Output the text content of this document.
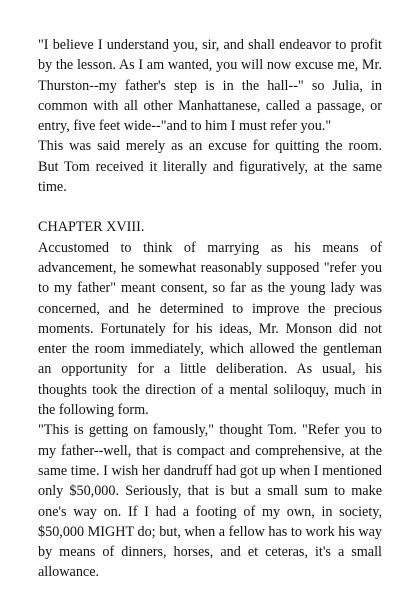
"I believe I understand you, sir, and shall endeavor to profit by the lesson. As I am wanted, you will now excuse me, Mr. Thurston--my father's step is in the hall--" so Julia, in common with all other Manhattanese, called a passage, or entry, five feet wide--"and to him I must refer you."

This was said merely as an excuse for quitting the room. But Tom received it literally and figuratively, at the same time.

CHAPTER XVIII.

Accustomed to think of marrying as his means of advancement, he somewhat reasonably supposed "refer you to my father" meant consent, so far as the young lady was concerned, and he determined to improve the precious moments. Fortunately for his ideas, Mr. Monson did not enter the room immediately, which allowed the gentleman an opportunity for a little deliberation. As usual, his thoughts took the direction of a mental soliloquy, much in the following form.

"This is getting on famously," thought Tom. "Refer you to my father--well, that is compact and comprehensive, at the same time. I wish her dandruff had got up when I mentioned only $50,000. Seriously, that is but a small sum to make one's way on. If I had a footing of my own, in society, $50,000 MIGHT do; but, when a fellow has to work his way by means of dinners, horses, and et ceteras, it's a small allowance.
